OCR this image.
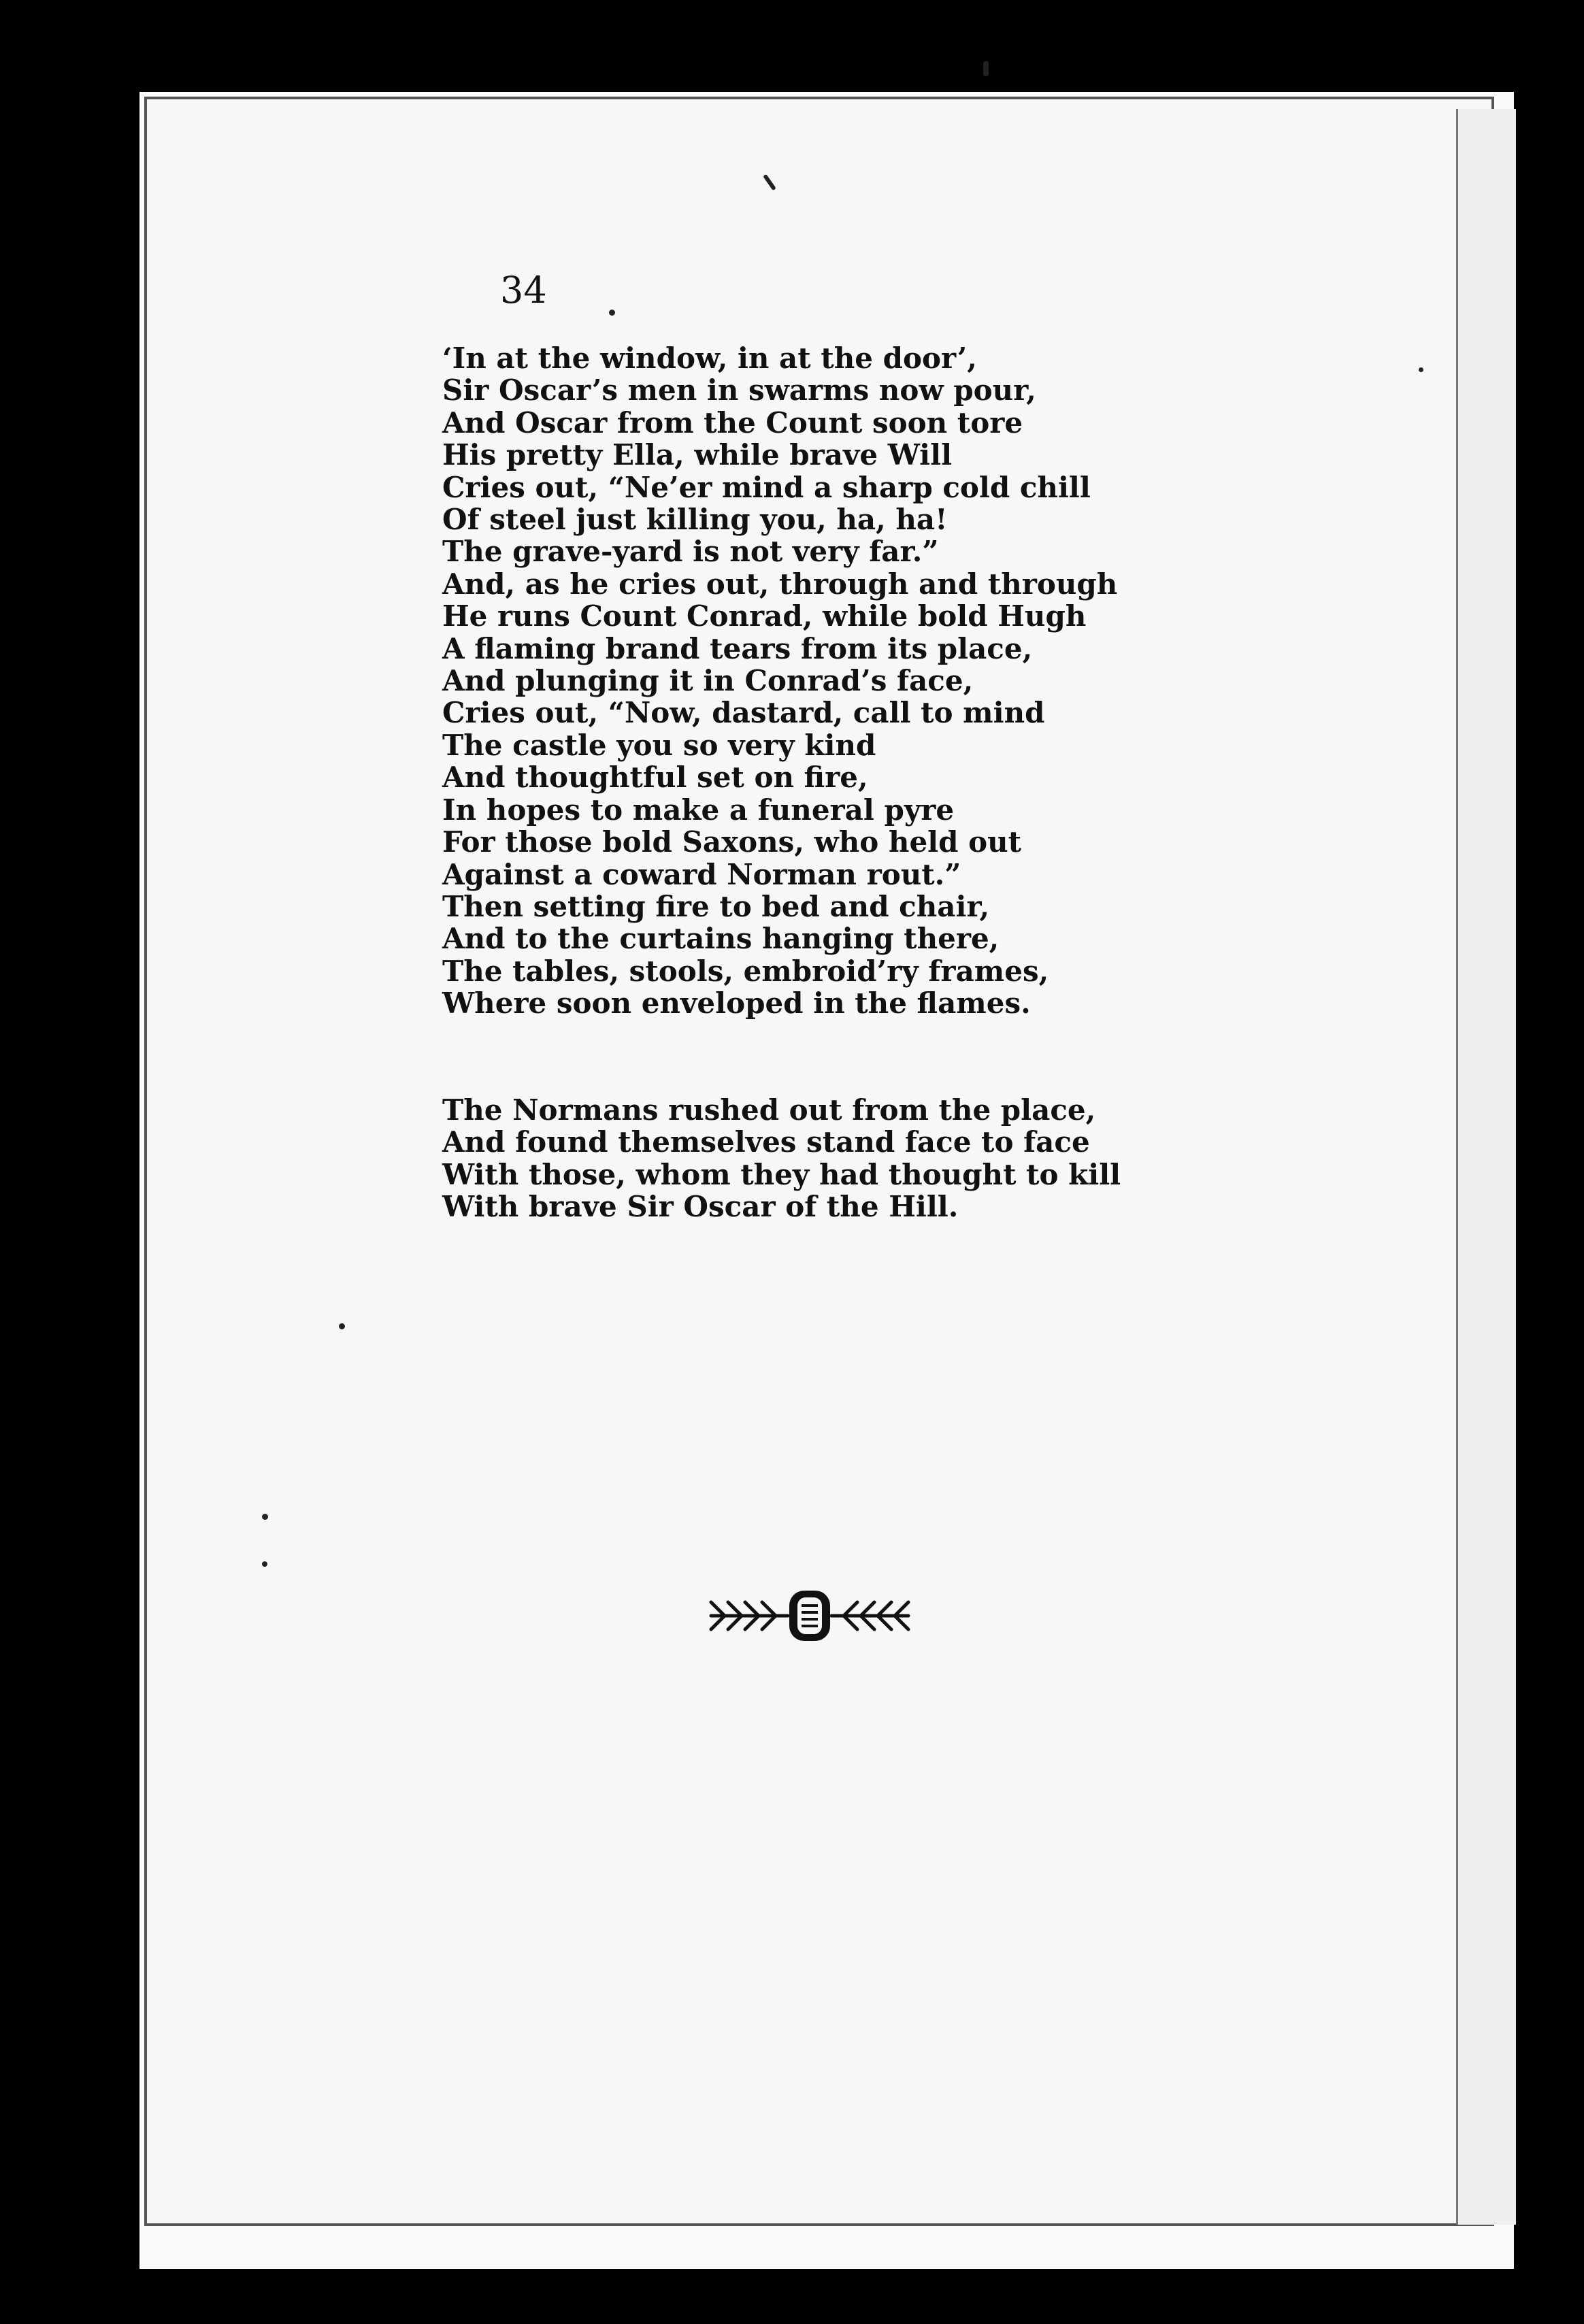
34

‘In at the window, in at the door’,
Sir Oscar’s men in swarms now pour,
And Oscar from the Count soon tore
His pretty Ella, while brave Will
Cries out, “Ne’er mind a sharp cold chill
Of steel just killing you, ha, ha!
The grave-yard is not very far.”
And, as he cries out, through and through
He runs Count Conrad, while bold Hugh
A flaming brand tears from its place,
And plunging it in Conrad’s face,
Cries out, “Now, dastard, call to mind
The castle you so very kind
And thoughtful set on fire,
In hopes to make a funeral pyre
For those bold Saxons, who held out
Against a coward Norman rout.”
Then setting fire to bed and chair,
And to the curtains hanging there,
The tables, stools, embroid’ry frames,
Where soon enveloped in the flames.

The Normans rushed out from the place,
And found themselves stand face to face
With those, whom they had thought to kill
With brave Sir Oscar of the Hill.
